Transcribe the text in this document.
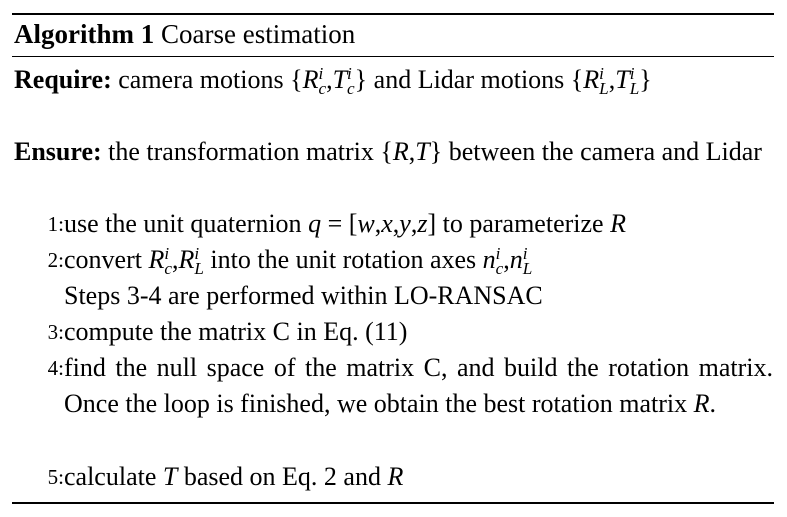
Algorithm 1 Coarse estimation
Require: camera motions {R i
c ,T i
c } and Lidar motions {R i
L ,T i
L }
Ensure: the transformation matrix {R,T} between the camera and Lidar
1: use the unit quaternion q = [w,x,y,z] to parameterize R
2: convert R i
c ,R i
L into the unit rotation axes n i
c ,n i
L
Steps 3-4 are performed within LO-RANSAC
3: compute the matrix C in Eq. (11)
4: find the null space of the matrix C, and build the rotation matrix. Once the loop is finished, we obtain the best rotation matrix R.
5: calculate T based on Eq. 2 and R
